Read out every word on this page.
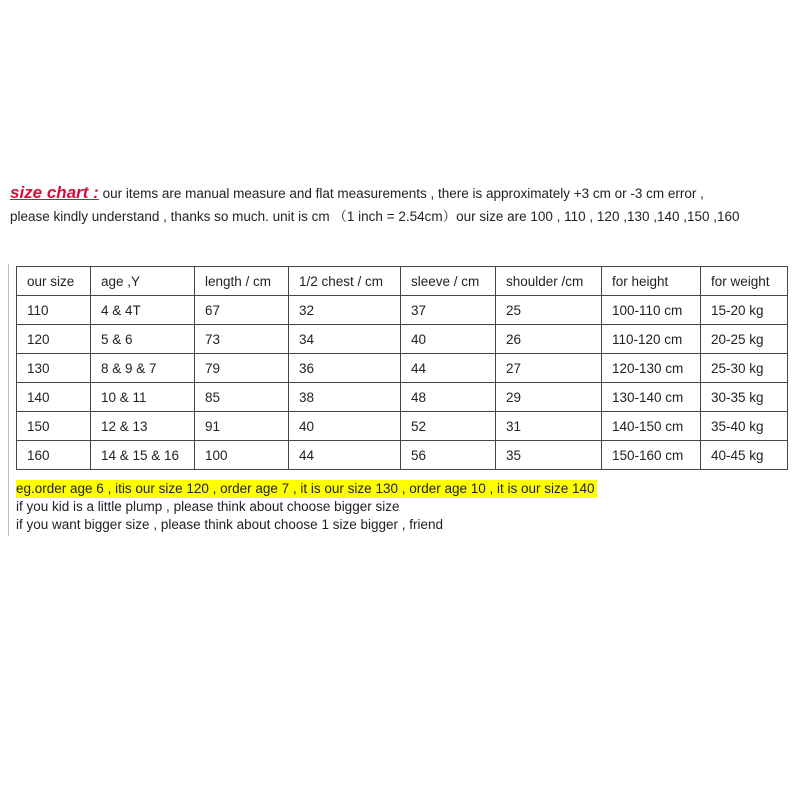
size chart : our items are manual measure and flat measurements , there is approximately +3 cm or -3 cm error ,
please kindly understand , thanks so much. unit is cm （1 inch = 2.54cm）our size are 100 , 110 , 120 ,130 ,140 ,150 ,160
our size	age ,Y	length / cm	1/2 chest / cm	sleeve / cm	shoulder /cm	for height	for weight
110	4 & 4T	67	32	37	25	100-110 cm	15-20 kg
120	5 & 6	73	34	40	26	110-120 cm	20-25 kg
130	8 & 9 & 7	79	36	44	27	120-130 cm	25-30 kg
140	10 & 11	85	38	48	29	130-140 cm	30-35 kg
150	12 & 13	91	40	52	31	140-150 cm	35-40 kg
160	14 & 15 & 16	100	44	56	35	150-160 cm	40-45 kg
eg.order age 6 , itis our size 120 , order age 7 , it is our size 130 , order age 10 , it is our size 140
if you kid is a little plump , please think about choose bigger size
if you want bigger size , please think about choose 1 size bigger , friend
